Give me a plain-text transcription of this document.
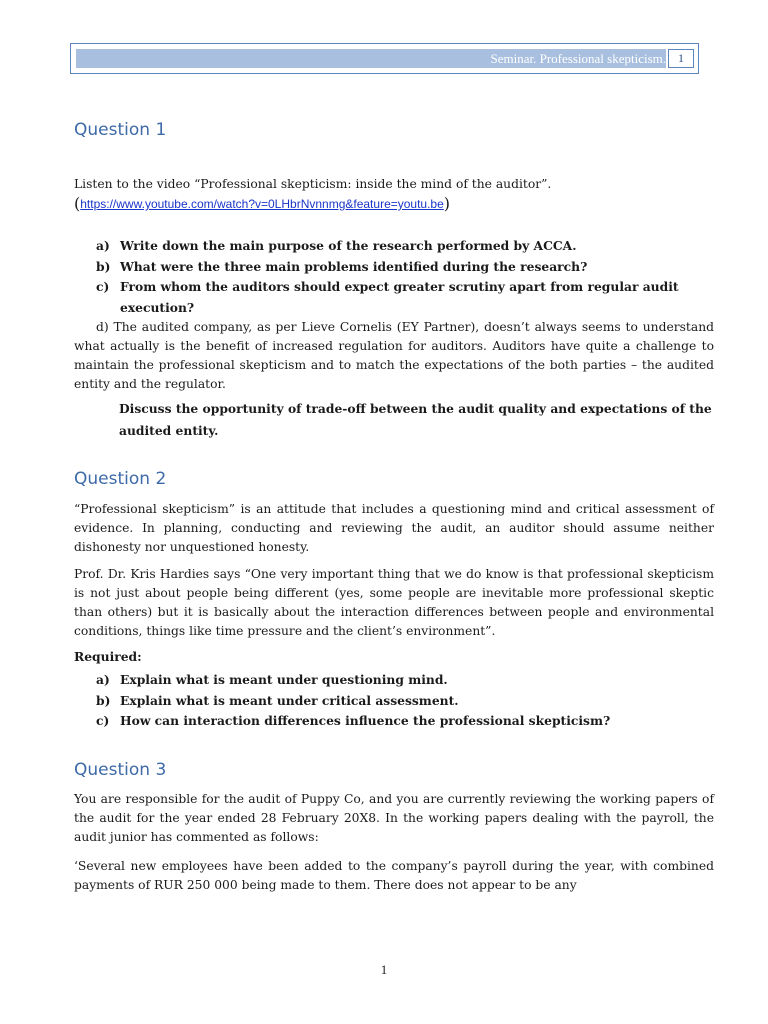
Seminar. Professional skepticism.	1
Question 1

Listen to the video “Professional skepticism: inside the mind of the auditor”.

(https://www.youtube.com/watch?v=0LHbrNvnnmg&feature=youtu.be)

a) Write down the main purpose of the research performed by ACCA.
b) What were the three main problems identified during the research?
c) From whom the auditors should expect greater scrutiny apart from regular audit execution?

d) The audited company, as per Lieve Cornelis (EY Partner), doesn’t always seems to understand what actually is the benefit of increased regulation for auditors. Auditors have quite a challenge to maintain the professional skepticism and to match the expectations of the both parties – the audited entity and the regulator.

Discuss the opportunity of trade-off between the audit quality and expectations of the audited entity.

Question 2

“Professional skepticism” is an attitude that includes a questioning mind and critical assessment of evidence. In planning, conducting and reviewing the audit, an auditor should assume neither dishonesty nor unquestioned honesty.

Prof. Dr. Kris Hardies says “One very important thing that we do know is that professional skepticism is not just about people being different (yes, some people are inevitable more professional skeptic than others) but it is basically about the interaction differences between people and environmental conditions, things like time pressure and the client’s environment”.

Required:

a) Explain what is meant under questioning mind.
b) Explain what is meant under critical assessment.
c) How can interaction differences influence the professional skepticism?
Question 3

You are responsible for the audit of Puppy Co, and you are currently reviewing the working papers of the audit for the year ended 28 February 20X8. In the working papers dealing with the payroll, the audit junior has commented as follows:

‘Several new employees have been added to the company’s payroll during the year, with combined payments of RUR 250 000 being made to them. There does not appear to be any

1
